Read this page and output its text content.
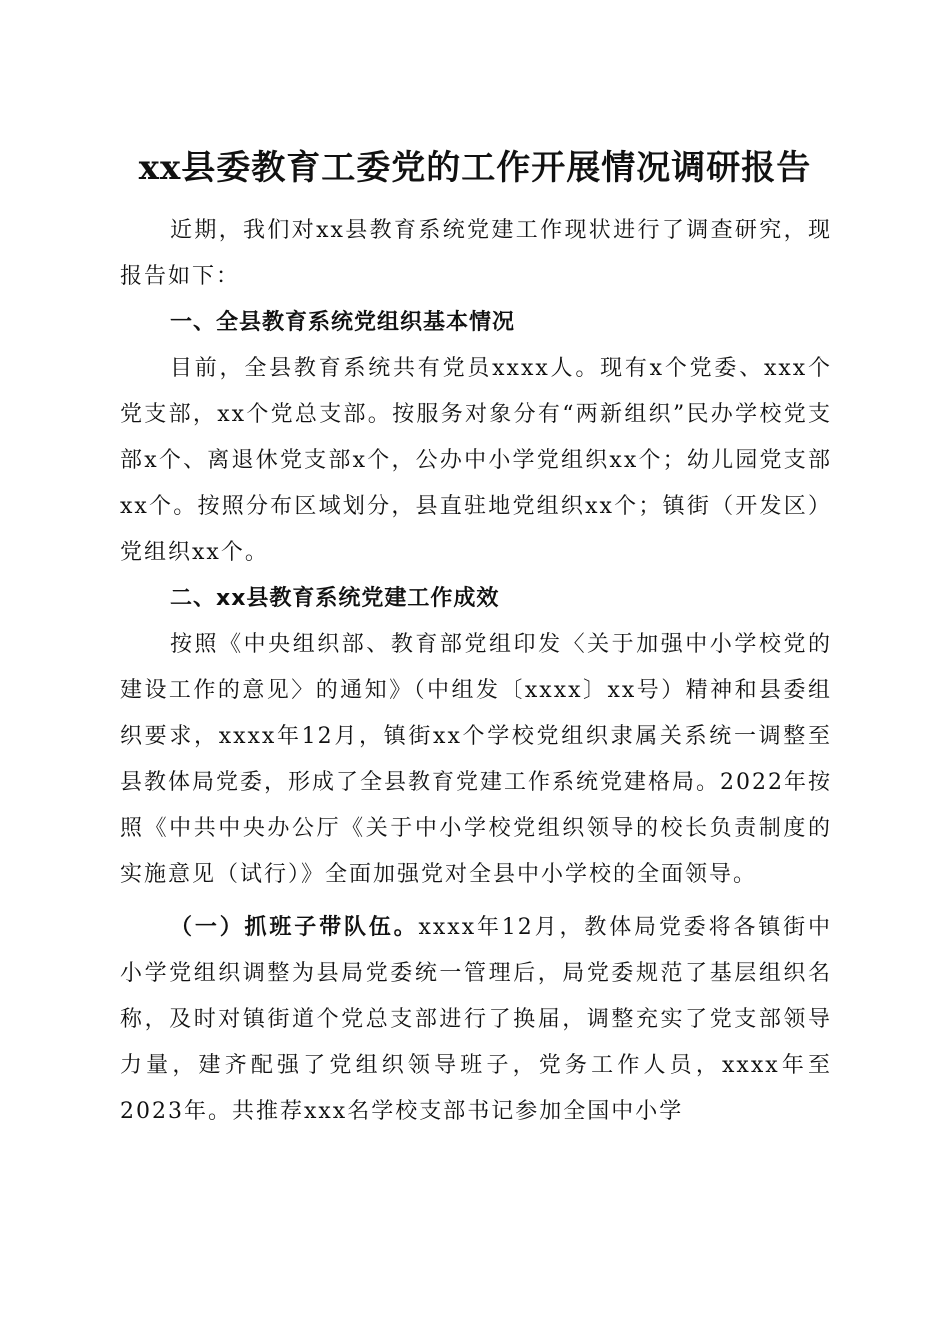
xx县委教育工委党的工作开展情况调研报告

近期，我们对xx县教育系统党建工作现状进行了调查研究，现报告如下：

一、全县教育系统党组织基本情况

目前，全县教育系统共有党员xxxx人。现有x个党委、xxx个党支部，xx个党总支部。按服务对象分有“两新组织”民办学校党支部x个、离退休党支部x个，公办中小学党组织xx个；幼儿园党支部xx个。按照分布区域划分，县直驻地党组织xx个；镇街（开发区）党组织xx个。

二、xx县教育系统党建工作成效

按照《中央组织部、教育部党组印发〈关于加强中小学校党的建设工作的意见〉的通知》（中组发〔xxxx〕xx号）精神和县委组织要求，xxxx年12月，镇街xx个学校党组织隶属关系统一调整至县教体局党委，形成了全县教育党建工作系统党建格局。2022年按照《中共中央办公厅《关于中小学校党组织领导的校长负责制度的实施意见（试行）》全面加强党对全县中小学校的全面领导。

（一）抓班子带队伍。xxxx年12月，教体局党委将各镇街中小学党组织调整为县局党委统一管理后，局党委规范了基层组织名称，及时对镇街道个党总支部进行了换届，调整充实了党支部领导力量，建齐配强了党组织领导班子，党务工作人员，xxxx年至2023年。共推荐xxx名学校支部书记参加全国中小学
